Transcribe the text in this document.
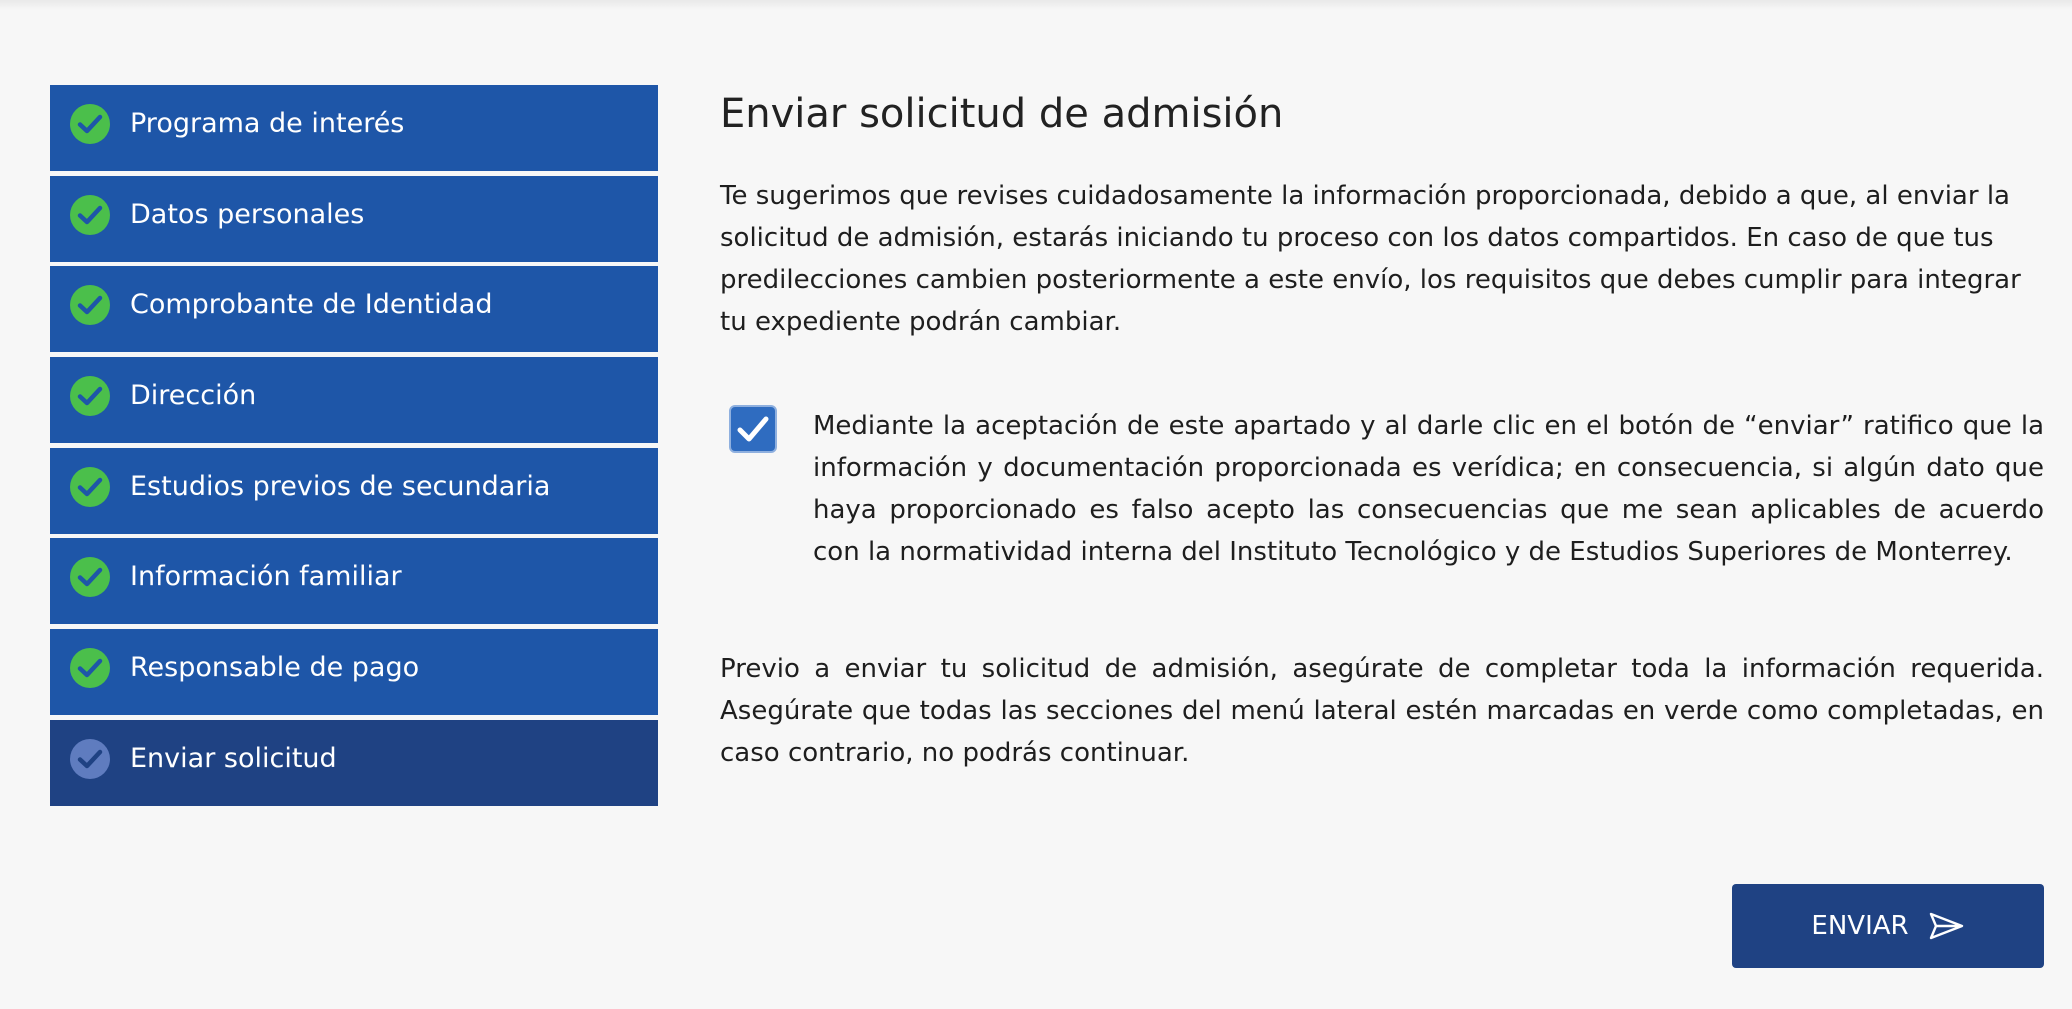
Programa de interés
Datos personales
Comprobante de Identidad
Dirección
Estudios previos de secundaria
Información familiar
Responsable de pago
Enviar solicitud
Enviar solicitud de admisión

Te sugerimos que revises cuidadosamente la información proporcionada, debido a que, al enviar la solicitud de admisión, estarás iniciando tu proceso con los datos compartidos. En caso de que tus predilecciones cambien posteriormente a este envío, los requisitos que debes cumplir para integrar tu expediente podrán cambiar.

Mediante la aceptación de este apartado y al darle clic en el botón de “enviar” ratifico que la información y documentación proporcionada es verídica; en consecuencia, si algún dato que haya proporcionado es falso acepto las consecuencias que me sean aplicables de acuerdo con la normatividad interna del Instituto Tecnológico y de Estudios Superiores de Monterrey.

Previo a enviar tu solicitud de admisión, asegúrate de completar toda la información requerida. Asegúrate que todas las secciones del menú lateral estén marcadas en verde como completadas, en caso contrario, no podrás continuar.

ENVIAR
